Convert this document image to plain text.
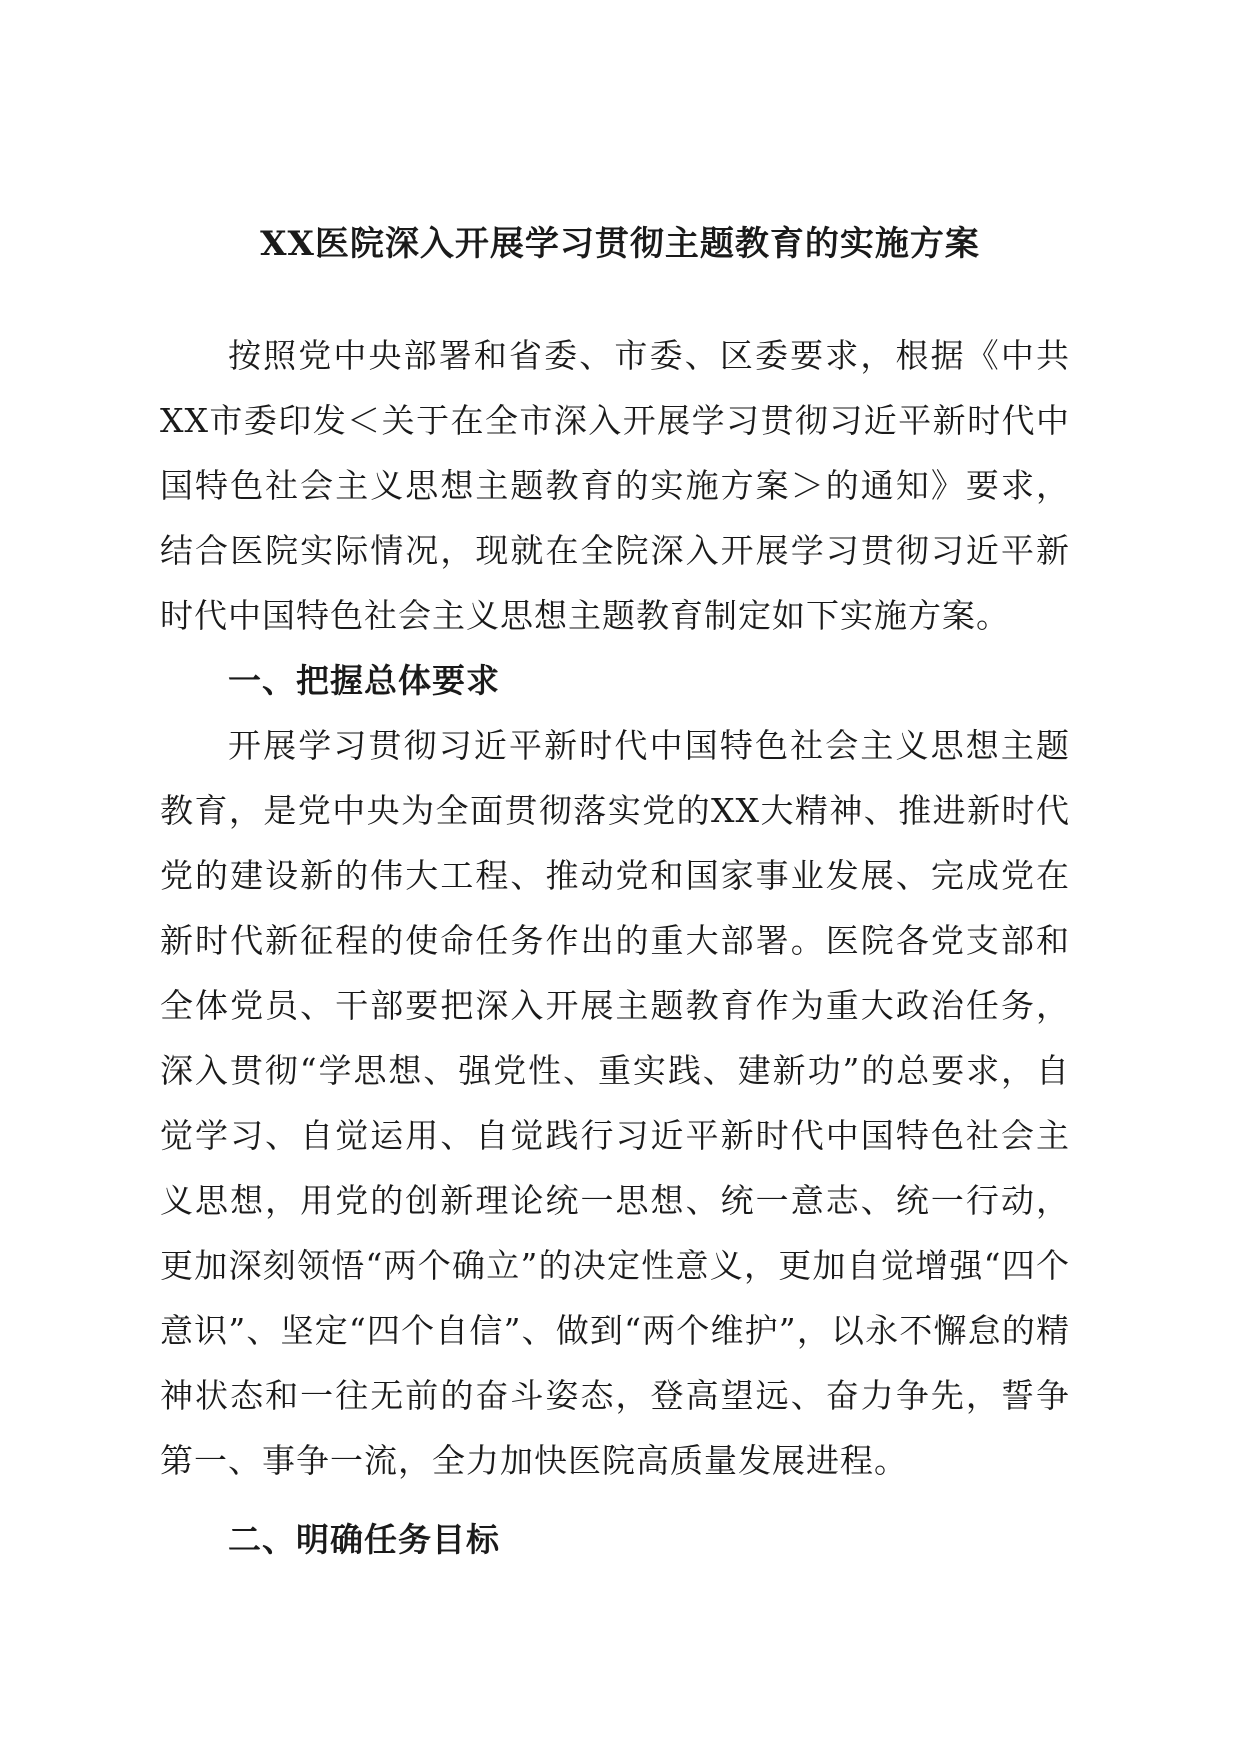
XX医院深入开展学习贯彻主题教育的实施方案

按照党中央部署和省委、市委、区委要求，根据《中共XX市委印发＜关于在全市深入开展学习贯彻习近平新时代中国特色社会主义思想主题教育的实施方案＞的通知》要求，结合医院实际情况，现就在全院深入开展学习贯彻习近平新时代中国特色社会主义思想主题教育制定如下实施方案。

一、把握总体要求

开展学习贯彻习近平新时代中国特色社会主义思想主题教育，是党中央为全面贯彻落实党的XX大精神、推进新时代党的建设新的伟大工程、推动党和国家事业发展、完成党在新时代新征程的使命任务作出的重大部署。医院各党支部和全体党员、干部要把深入开展主题教育作为重大政治任务，深入贯彻“学思想、强党性、重实践、建新功”的总要求，自觉学习、自觉运用、自觉践行习近平新时代中国特色社会主义思想，用党的创新理论统一思想、统一意志、统一行动，更加深刻领悟“两个确立”的决定性意义，更加自觉增强“四个意识”、坚定“四个自信”、做到“两个维护”，以永不懈怠的精神状态和一往无前的奋斗姿态，登高望远、奋力争先，誓争第一、事争一流，全力加快医院高质量发展进程。

二、明确任务目标
